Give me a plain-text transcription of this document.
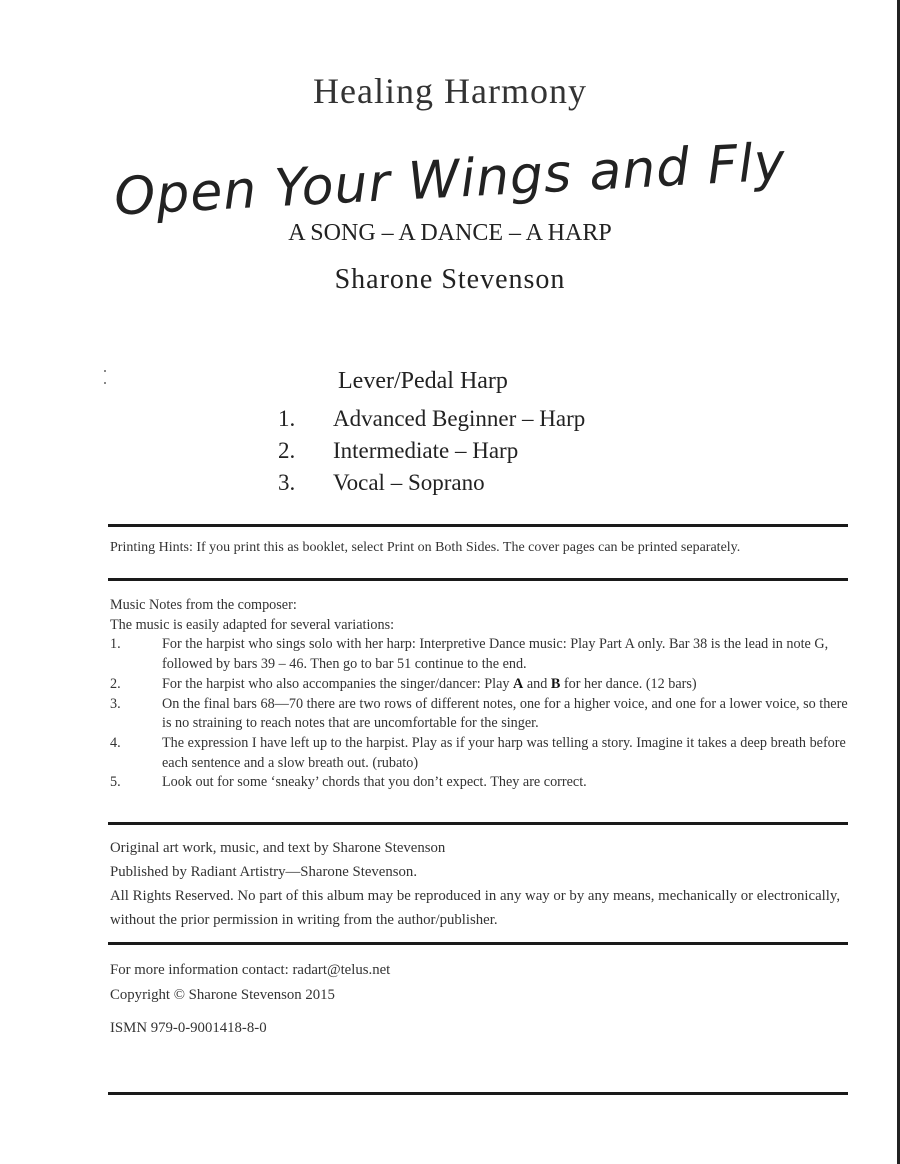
Healing Harmony
Open Your Wings and Fly
A SONG – A DANCE – A HARP
Sharone Stevenson
Lever/Pedal Harp
1.	Advanced Beginner – Harp
2.	Intermediate – Harp
3.	Vocal – Soprano
Printing Hints: If you print this as booklet, select Print on Both Sides. The cover pages can be printed separately.
Music Notes from the composer:
The music is easily adapted for several variations:
1.	For the harpist who sings solo with her harp: Interpretive Dance music: Play Part A only. Bar 38 is the lead in note G, followed by bars 39 – 46. Then go to bar 51 continue to the end.
2.	For the harpist who also accompanies the singer/dancer: Play A and B for her dance. (12 bars)
3.	On the final bars 68—70 there are two rows of different notes, one for a higher voice, and one for a lower voice, so there is no straining to reach notes that are uncomfortable for the singer.
4.	The expression I have left up to the harpist. Play as if your harp was telling a story. Imagine it takes a deep breath before each sentence and a slow breath out. (rubato)
5.	Look out for some ‘sneaky’ chords that you don’t expect. They are correct.
Original art work, music, and text by Sharone Stevenson
Published by Radiant Artistry—Sharone Stevenson.
All Rights Reserved. No part of this album may be reproduced in any way or by any means, mechanically or electronically, without the prior permission in writing from the author/publisher.
For more information contact: radart@telus.net
Copyright © Sharone Stevenson 2015
ISMN 979-0-9001418-8-0
